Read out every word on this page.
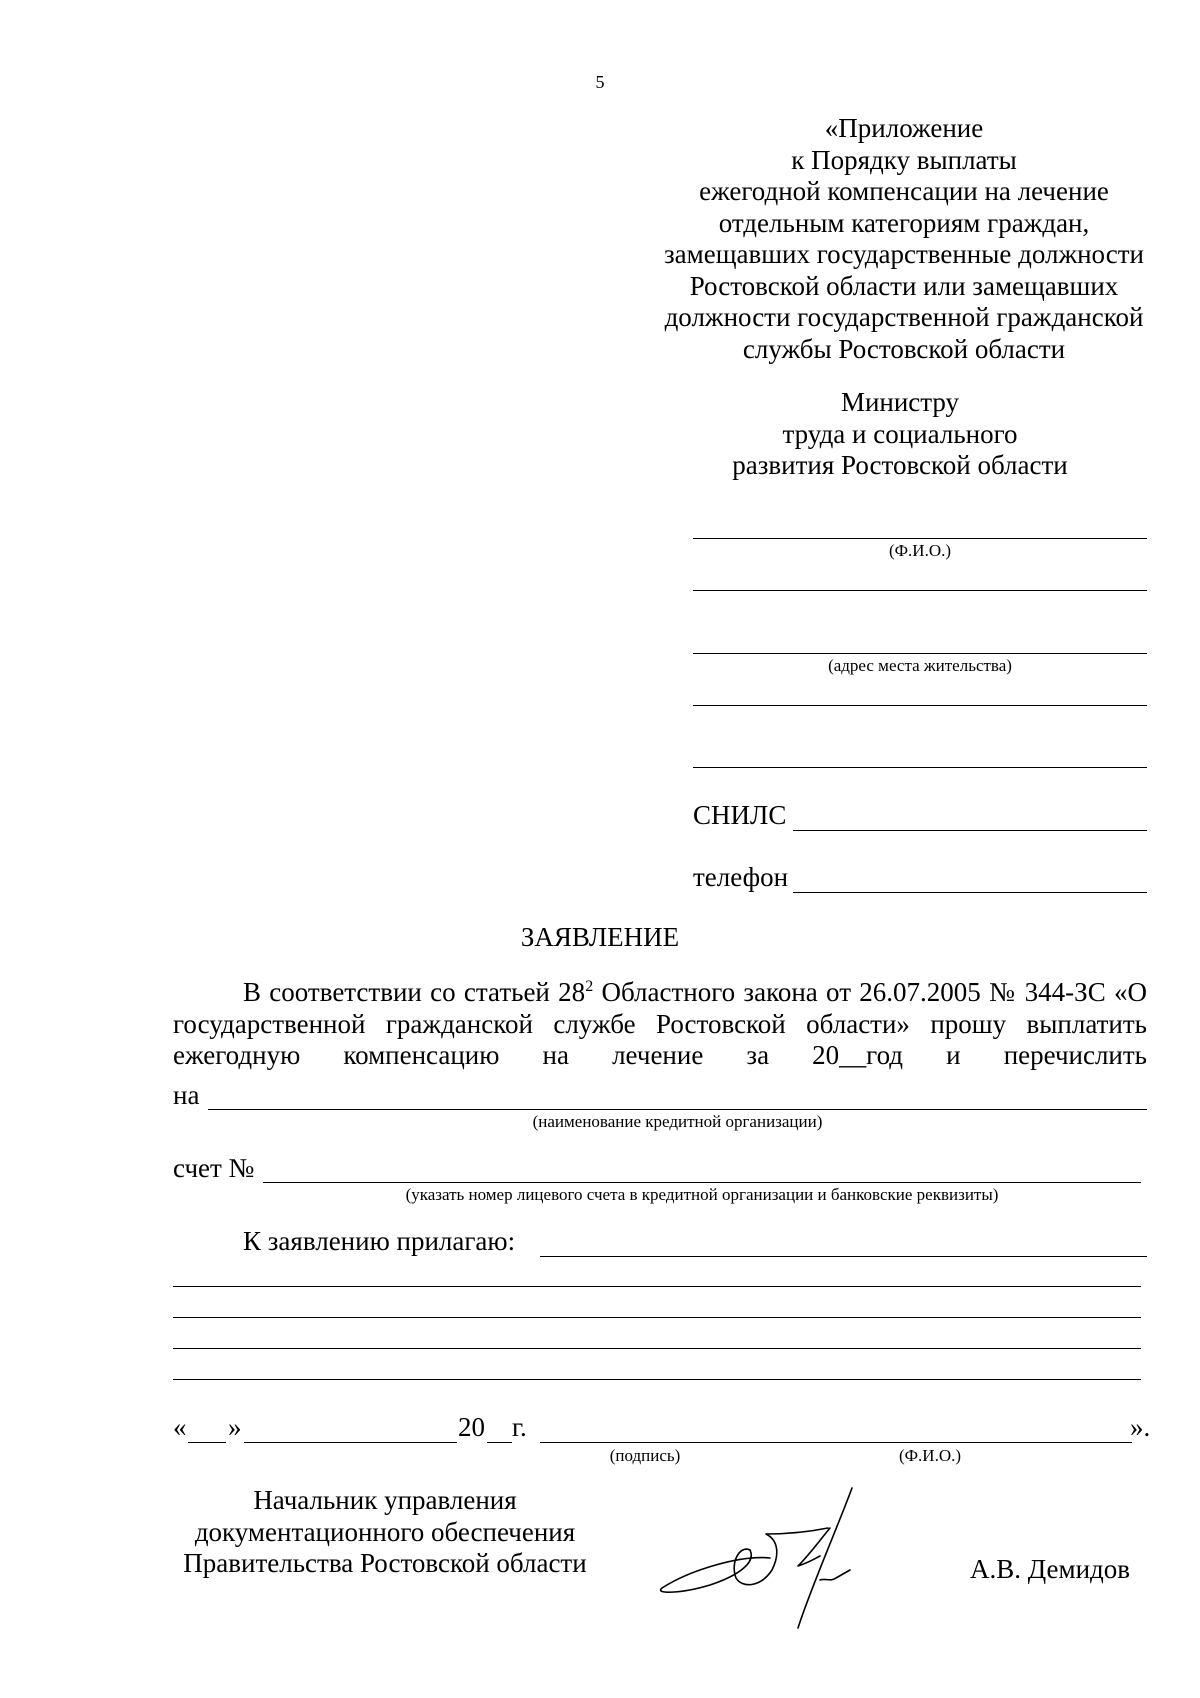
5
«Приложение
к Порядку выплаты
ежегодной компенсации на лечение
отдельным категориям граждан,
замещавших государственные должности
Ростовской области или замещавших
должности государственной гражданской
службы Ростовской области
Министру
труда и социального
развития Ростовской области
(Ф.И.О.)
(адрес места жительства)
СНИЛС
телефон
ЗАЯВЛЕНИЕ

В соответствии со статьей $28^2$ Областного закона от 26.07.2005 № 344-ЗС «О государственной гражданской службе Ростовской области» прошу выплатить ежегодную компенсацию на лечение за 20__год и перечислить

на
(наименование кредитной организации)
счет №
(указать номер лицевого счета в кредитной организации и банковские реквизиты)
К заявлению прилагаю:
« »	20 г.	».
(подпись)	(Ф.И.О.)
Начальник управления
документационного обеспечения
Правительства Ростовской области	А.В. Демидов
